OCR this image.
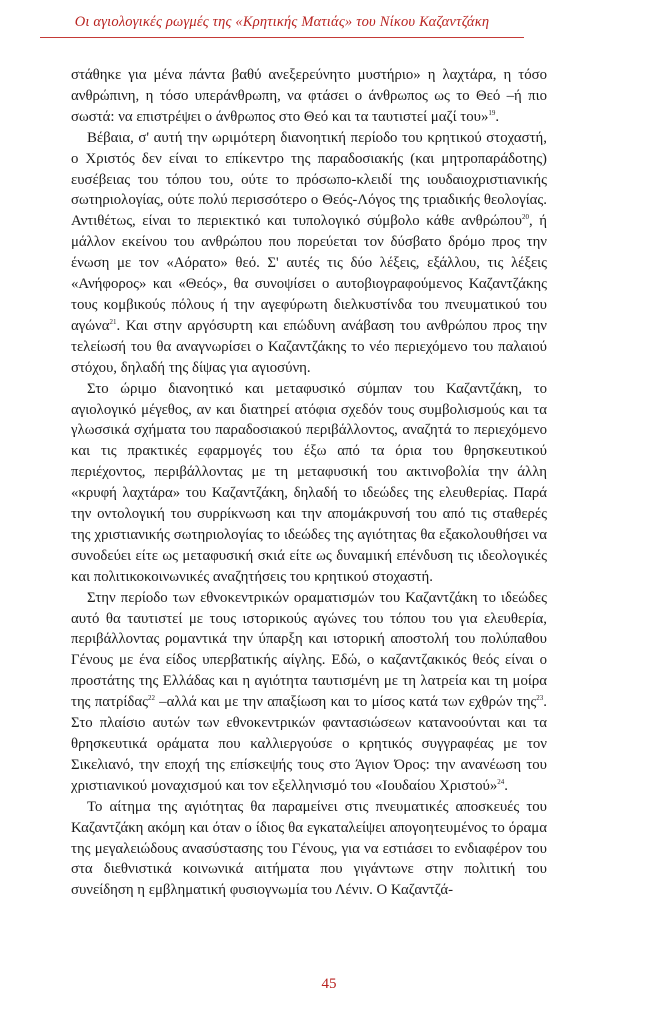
Οι αγιολογικές ρωγμές της «Κρητικής Ματιάς» του Νίκου Καζαντζάκη

στάθηκε για μένα πάντα βαθύ ανεξερεύνητο μυστήριο» η λαχτάρα, η τόσο ανθρώπινη, η τόσο υπεράνθρωπη, να φτάσει ο άνθρωπος ως το Θεό –ή πιο σωστά: να επιστρέψει ο άνθρωπος στο Θεό και τα ταυτιστεί μαζί του»$^{19}$.

Βέβαια, σ' αυτή την ωριμότερη διανοητική περίοδο του κρητικού στοχαστή, ο Χριστός δεν είναι το επίκεντρο της παραδοσιακής (και μητροπαράδοτης) ευσέβειας του τόπου του, ούτε το πρόσωπο-κλειδί της ιουδαιοχριστιανικής σωτηριολογίας, ούτε πολύ περισσότερο ο Θεός-Λόγος της τριαδικής θεολογίας. Αντιθέτως, είναι το περιεκτικό και τυπολογικό σύμβολο κάθε ανθρώπου$^{20}$, ή μάλλον εκείνου του ανθρώπου που πορεύεται τον δύσβατο δρόμο προς την ένωση με τον «Αόρατο» θεό. Σ' αυτές τις δύο λέξεις, εξάλλου, τις λέξεις «Ανήφορος» και «Θεός», θα συνοψίσει ο αυτοβιογραφούμενος Καζαντζάκης τους κομβικούς πόλους ή την αγεφύρωτη διελκυστίνδα του πνευματικού του αγώνα$^{21}$. Και στην αργόσυρτη και επώδυνη ανάβαση του ανθρώπου προς την τελείωσή του θα αναγνωρίσει ο Καζαντζάκης το νέο περιεχόμενο του παλαιού στόχου, δηλαδή της δίψας για αγιοσύνη.

Στο ώριμο διανοητικό και μεταφυσικό σύμπαν του Καζαντζάκη, το αγιολογικό μέγεθος, αν και διατηρεί ατόφια σχεδόν τους συμβολισμούς και τα γλωσσικά σχήματα του παραδοσιακού περιβάλλοντος, αναζητά το περιεχόμενο και τις πρακτικές εφαρμογές του έξω από τα όρια του θρησκευτικού περιέχοντος, περιβάλλοντας με τη μεταφυσική του ακτινοβολία την άλλη «κρυφή λαχτάρα» του Καζαντζάκη, δηλαδή το ιδεώδες της ελευθερίας. Παρά την οντολογική του συρρίκνωση και την απομάκρυνσή του από τις σταθερές της χριστιανικής σωτηριολογίας το ιδεώδες της αγιότητας θα εξακολουθήσει να συνοδεύει είτε ως μεταφυσική σκιά είτε ως δυναμική επένδυση τις ιδεολογικές και πολιτικοκοινωνικές αναζητήσεις του κρητικού στοχαστή.

Στην περίοδο των εθνοκεντρικών οραματισμών του Καζαντζάκη το ιδεώδες αυτό θα ταυτιστεί με τους ιστορικούς αγώνες του τόπου του για ελευθερία, περιβάλλοντας ρομαντικά την ύπαρξη και ιστορική αποστολή του πολύπαθου Γένους με ένα είδος υπερβατικής αίγλης. Εδώ, ο καζαντζακικός θεός είναι ο προστάτης της Ελλάδας και η αγιότητα ταυτισμένη με τη λατρεία και τη μοίρα της πατρίδας$^{22}$ –αλλά και με την απαξίωση και το μίσος κατά των εχθρών της$^{23}$. Στο πλαίσιο αυτών των εθνοκεντρικών φαντασιώσεων κατανοούνται και τα θρησκευτικά οράματα που καλλιεργούσε ο κρητικός συγγραφέας με τον Σικελιανό, την εποχή της επίσκεψής τους στο Άγιον Όρος: την ανανέωση του χριστιανικού μοναχισμού και τον εξελληνισμό του «Ιουδαίου Χριστού»$^{24}$.

Το αίτημα της αγιότητας θα παραμείνει στις πνευματικές αποσκευές του Καζαντζάκη ακόμη και όταν ο ίδιος θα εγκαταλείψει απογοητευμένος το όραμα της μεγαλειώδους ανασύστασης του Γένους, για να εστιάσει το ενδιαφέρον του στα διεθνιστικά κοινωνικά αιτήματα που γιγάντωνε στην πολιτική του συνείδηση η εμβληματική φυσιογνωμία του Λένιν. Ο Καζαντζά-

45
